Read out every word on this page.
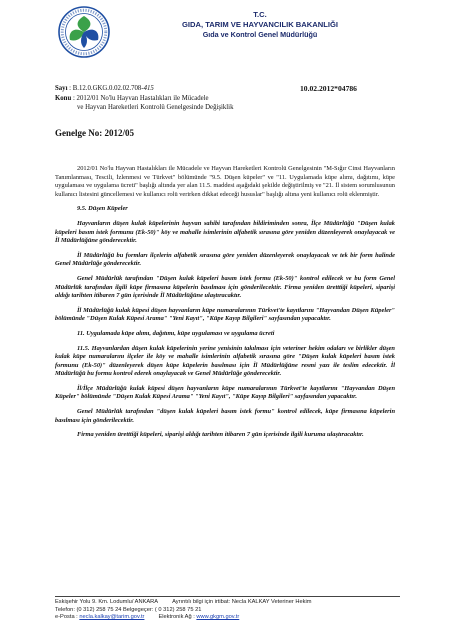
T.C.
GIDA, TARIM VE HAYVANCILIK BAKANLIĞI
Gıda ve Kontrol Genel Müdürlüğü
Sayı : B.12.0.GKG.0.02.02.708-415
Konu : 2012/01 No'lu Hayvan Hastalıkları ile Mücadele
ve Hayvan Hareketleri Kontrolü Genelgesinde Değişiklik
10.02.2012*04786
Genelge No: 2012/05

2012/01 No'lu Hayvan Hastalıkları ile Mücadele ve Hayvan Hareketleri Kontrolü Genelgesinin "M-Sığır Cinsi Hayvanların Tanımlanması, Tescili, İzlenmesi ve Türkvet" bölümünde "9.5. Düşen küpeler" ve "11. Uygulamada küpe alımı, dağıtımı, küpe uygulaması ve uygulama ücreti" başlığı altında yer alan 11.5. maddesi aşağıdaki şekilde değiştirilmiş ve "21. İl sistem sorumlusunun kullanıcı listesini güncellemesi ve kullanıcı rolü verirken dikkat edeceği hususlar" başlığı altına yeni kullanıcı rolü eklenmiştir.

9.5. Düşen Küpeler

Hayvanların düşen kulak küpelerinin hayvan sahibi tarafından bildiriminden sonra, İlçe Müdürlüğü "Düşen kulak küpeleri basım istek formunu (Ek-50)" köy ve mahalle isimlerinin alfabetik sırasına göre yeniden düzenleyerek onaylayacak ve İl Müdürlüğüne gönderecektir.

İl Müdürlüğü bu formları ilçelerin alfabetik sırasına göre yeniden düzenleyerek onaylayacak ve tek bir form halinde Genel Müdürlüğe gönderecektir.

Genel Müdürlük tarafından "Düşen kulak küpeleri basım istek formu (Ek-50)" kontrol edilecek ve bu form Genel Müdürlük tarafından ilgili küpe firmasına küpelerin basılması için gönderilecektir. Firma yeniden üretttiği küpeleri, siparişi aldığı tarihten itibaren 7 gün içerisinde İl Müdürlüğüne ulaştıracaktır.

İl Müdürlüğü kulak küpesi düşen hayvanların küpe numaralarının Türkvet'te kayıtlarını "Hayvandan Düşen Küpeler" bölümünde "Düşen Kulak Küpesi Arama" "Yeni Kayıt", "Küpe Kayıp Bilgileri" sayfasından yapacaktır.

11. Uygulamada küpe alımı, dağıtımı, küpe uygulaması ve uygulama ücreti

11.5. Hayvanlardan düşen kulak küpelerinin yerine yenisinin takılması için veteriner hekim odaları ve birlikler düşen kulak küpe numaralarını ilçeler ile köy ve mahalle isimlerinin alfabetik sırasına göre "Düşen kulak küpeleri basım istek formunu (Ek-50)" düzenleyerek düşen küpe küpelerin basılması için İl Müdürlüğüne resmi yazı ile teslim edecektir. İl Müdürlüğü bu formu kontrol ederek onaylayacak ve Genel Müdürlüğe gönderecektir.

İl/İlçe Müdürlüğü kulak küpesi düşen hayvanların küpe numaralarının Türkvet'te kayıtlarını "Hayvandan Düşen Küpeler" bölümünde "Düşen Kulak Küpesi Arama" "Yeni Kayıt", "Küpe Kayıp Bilgileri" sayfasından yapacaktır.

Genel Müdürlük tarafından "düşen kulak küpeleri basım istek formu" kontrol edilecek, küpe firmasına küpelerin basılması için gönderilecektir.

Firma yeniden üretttiği küpeleri, siparişi aldığı tarihten itibaren 7 gün içerisinde ilgili kuruma ulaştıracaktır.

Eskişehir Yolu 9. Km. Lodumlu/ ANKARA Ayrıntılı bilgi için irtibat: Necla KALKAY Veteriner Hekim
Telefon: (0 312) 258 75 24 Belgegeçer: ( 0 312) 258 75 21
e-Posta : necla.kalkay@tarim.gov.tr Elektronik Ağ : www.gkgm.gov.tr
